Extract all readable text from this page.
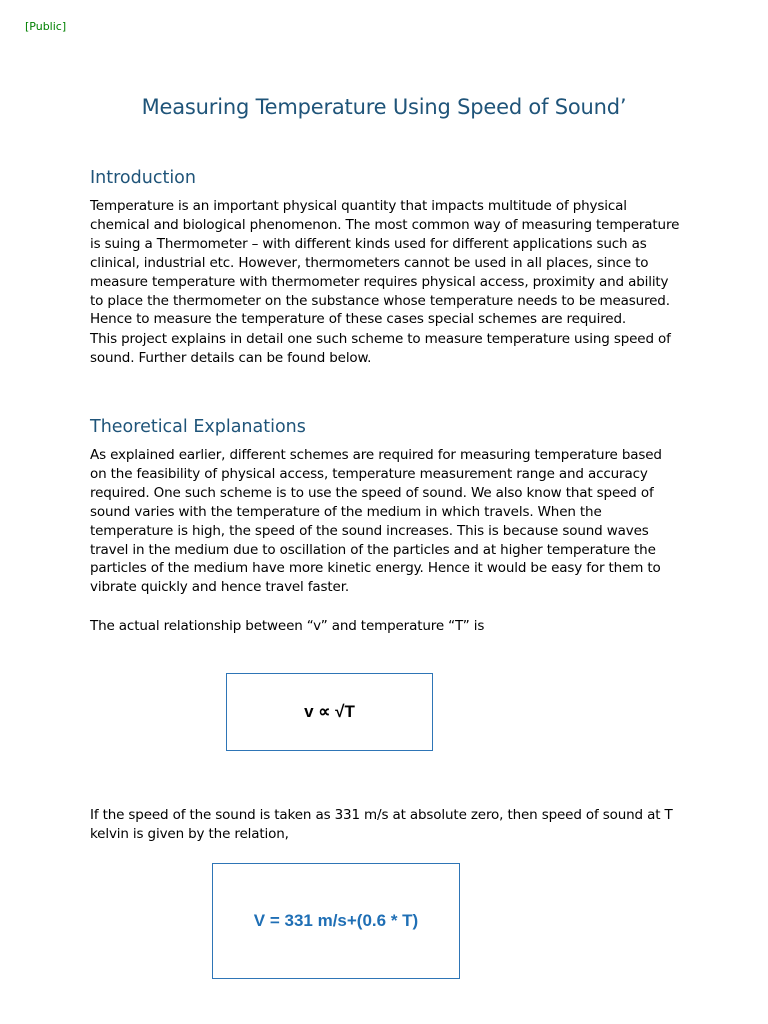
[Public]
Measuring Temperature Using Speed of Sound’
Introduction
Temperature is an important physical quantity that impacts multitude of physical chemical and biological phenomenon. The most common way of measuring temperature is suing a Thermometer – with different kinds used for different applications such as clinical, industrial etc. However, thermometers cannot be used in all places, since to measure temperature with thermometer requires physical access, proximity and ability to place the thermometer on the substance whose temperature needs to be measured. Hence to measure the temperature of these cases special schemes are required.
This project explains in detail one such scheme to measure temperature using speed of sound. Further details can be found below.
Theoretical Explanations
As explained earlier, different schemes are required for measuring temperature based on the feasibility of physical access, temperature measurement range and accuracy required. One such scheme is to use the speed of sound. We also know that speed of sound varies with the temperature of the medium in which travels. When the temperature is high, the speed of the sound increases. This is because sound waves travel in the medium due to oscillation of the particles and at higher temperature the particles of the medium have more kinetic energy. Hence it would be easy for them to vibrate quickly and hence travel faster.
The actual relationship between “v” and temperature “T” is
v ∝ √T
If the speed of the sound is taken as 331 m/s at absolute zero, then speed of sound at T kelvin is given by the relation,
V = 331 m/s+(0.6 * T)
